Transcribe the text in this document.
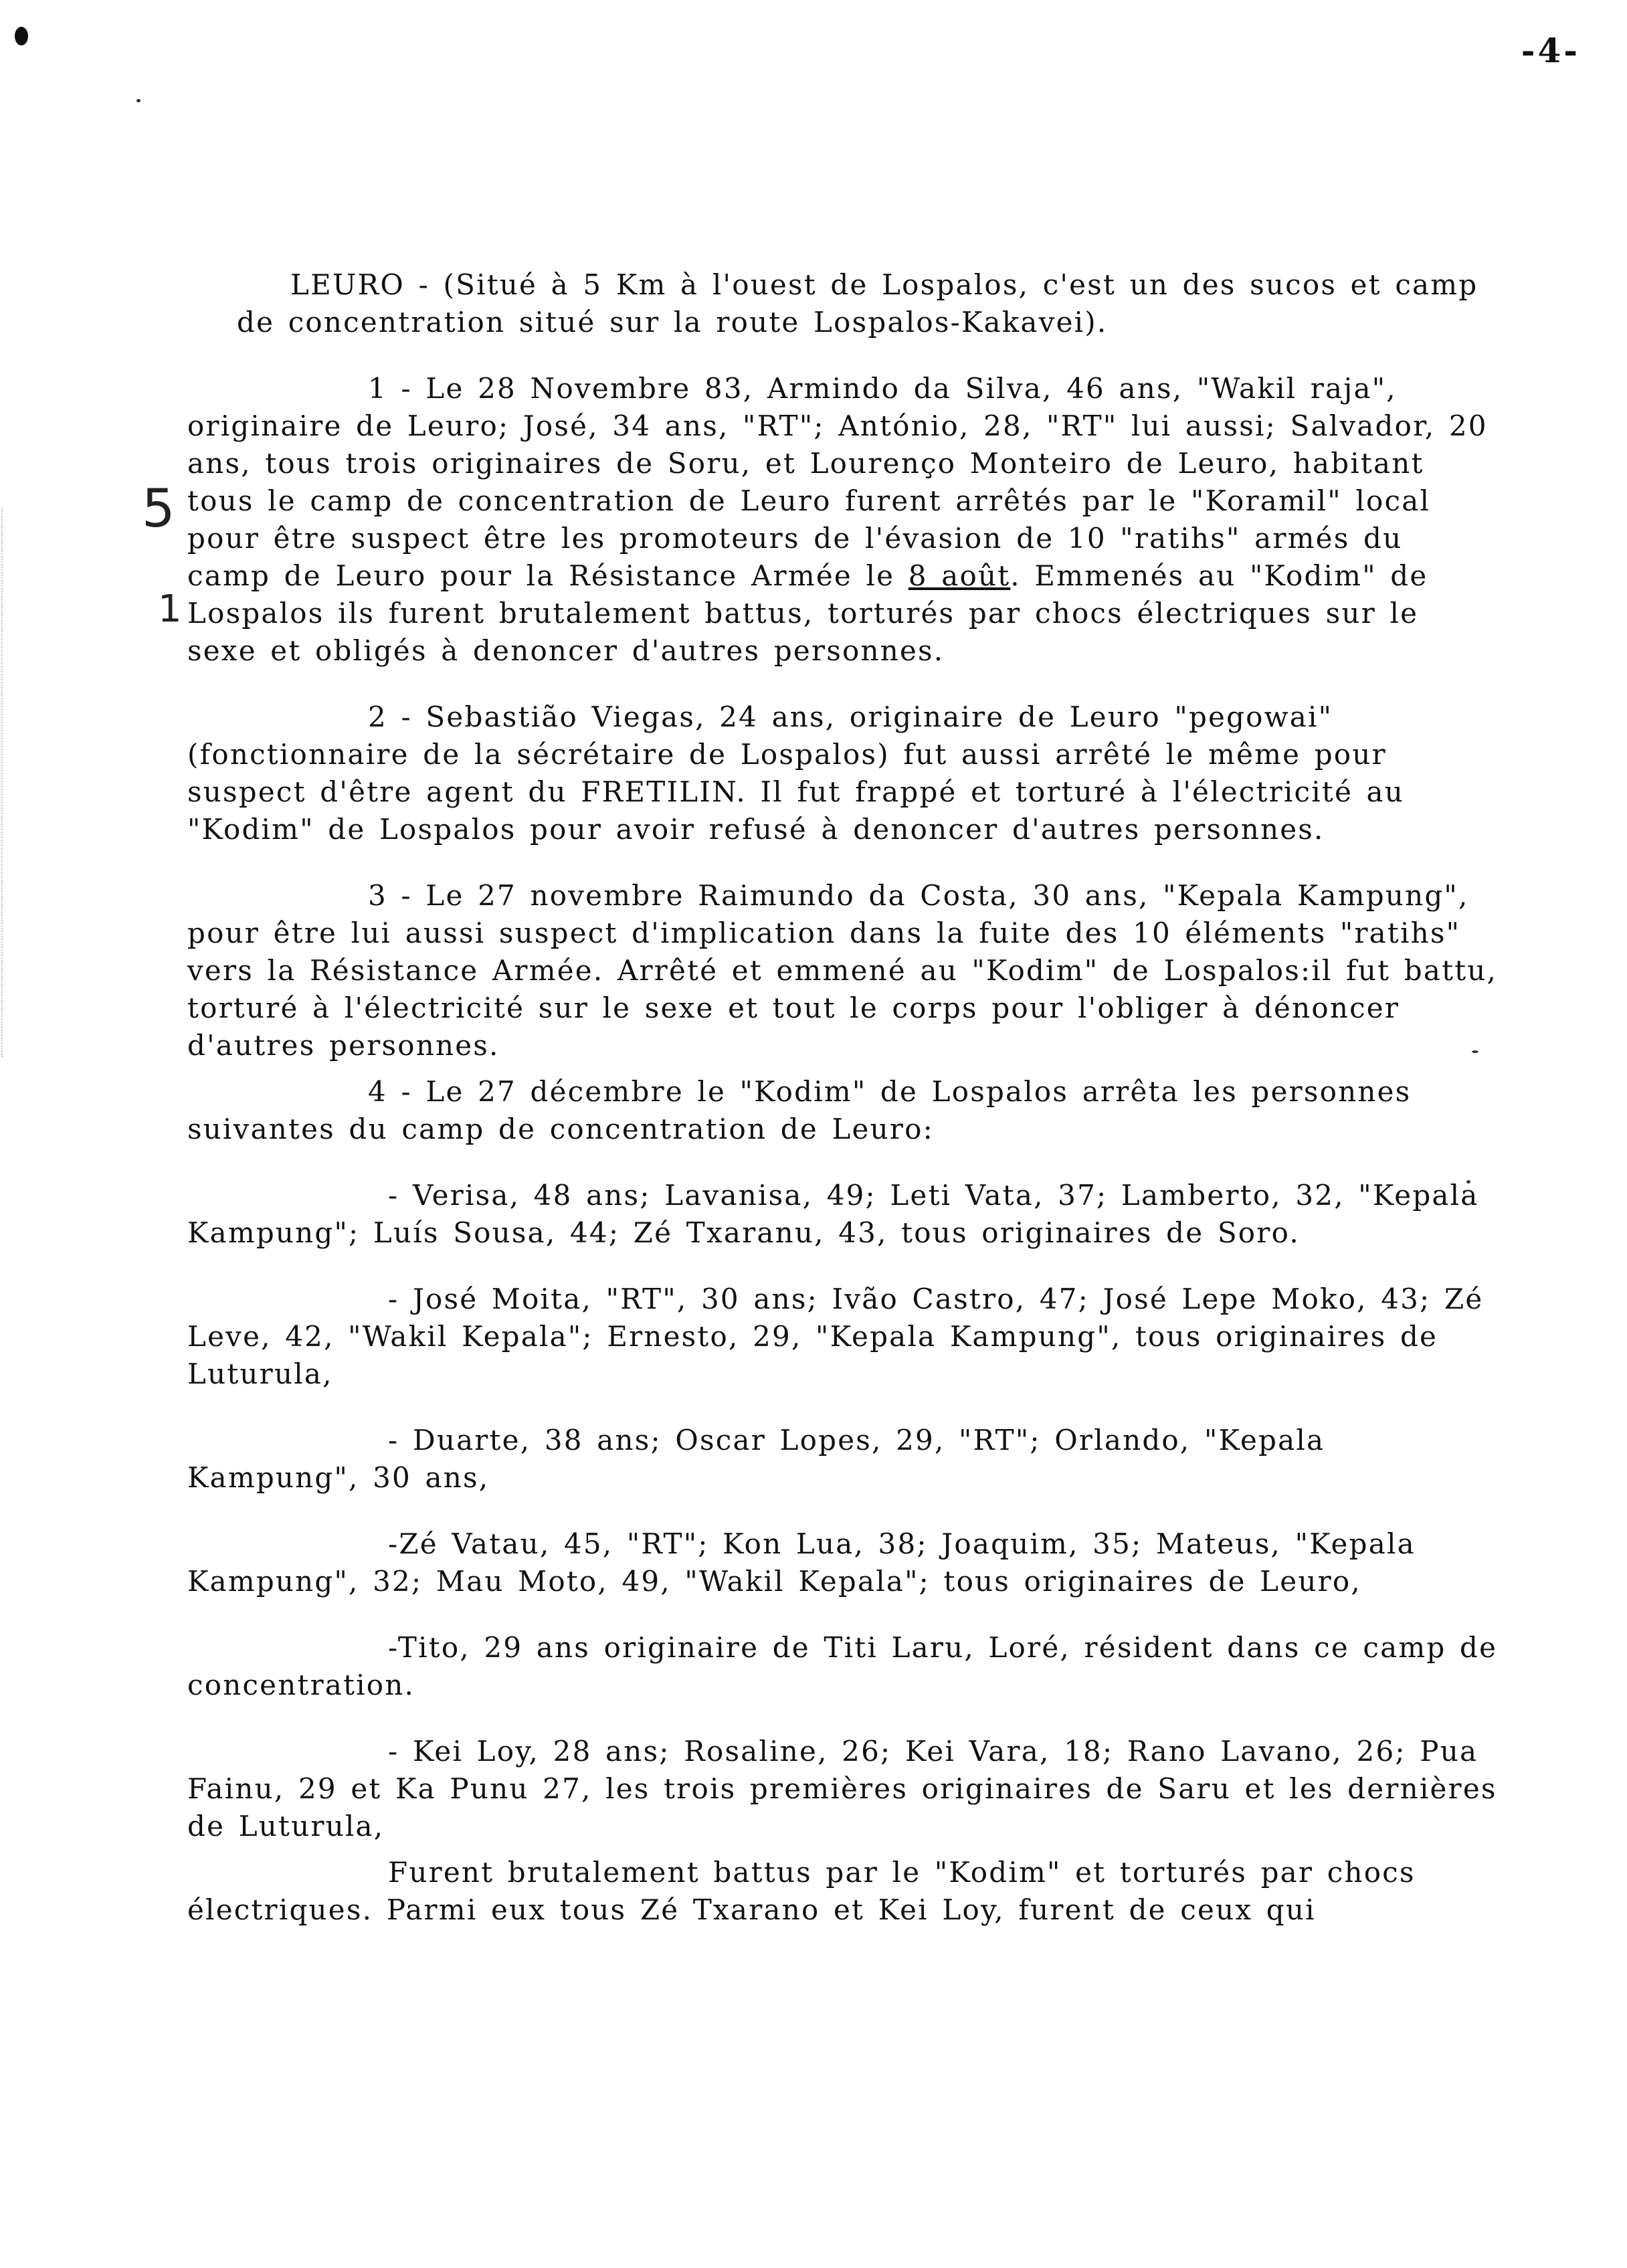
-4-
5
1

LEURO - (Situé à 5 Km à l'ouest de Lospalos, c'est un des sucos et camp de concentration situé sur la route Lospalos-Kakavei).

1 - Le 28 Novembre 83, Armindo da Silva, 46 ans, "Wakil raja", originaire de Leuro; José, 34 ans, "RT"; António, 28, "RT" lui aussi; Salvador, 20 ans, tous trois originaires de Soru, et Lourenço Monteiro de Leuro, habitant tous le camp de concentration de Leuro furent arrêtés par le "Koramil" local pour être suspect être les promoteurs de l'évasion de 10 "ratihs" armés du camp de Leuro pour la Résistance Armée le 8 août. Emmenés au "Kodim" de Lospalos ils furent brutalement battus, torturés par chocs électriques sur le sexe et obligés à denoncer d'autres personnes.

2 - Sebastião Viegas, 24 ans, originaire de Leuro "pegowai" (fonctionnaire de la sécrétaire de Lospalos) fut aussi arrêté le même pour suspect d'être agent du FRETILIN. Il fut frappé et torturé à l'électricité au "Kodim" de Lospalos pour avoir refusé à denoncer d'autres personnes.

3 - Le 27 novembre Raimundo da Costa, 30 ans, "Kepala Kampung", pour être lui aussi suspect d'implication dans la fuite des 10 éléments "ratihs" vers la Résistance Armée. Arrêté et emmené au "Kodim" de Lospalos:il fut battu, torturé à l'électricité sur le sexe et tout le corps pour l'obliger à dénoncer d'autres personnes.

4 - Le 27 décembre le "Kodim" de Lospalos arrêta les personnes suivantes du camp de concentration de Leuro:

- Verisa, 48 ans; Lavanisa, 49; Leti Vata, 37; Lamberto, 32, "Kepala Kampung"; Luís Sousa, 44; Zé Txaranu, 43, tous originaires de Soro.

- José Moita, "RT", 30 ans; Ivão Castro, 47; José Lepe Moko, 43; Zé Leve, 42, "Wakil Kepala"; Ernesto, 29, "Kepala Kampung", tous originaires de Luturula,

- Duarte, 38 ans; Oscar Lopes, 29, "RT"; Orlando, "Kepala Kampung", 30 ans,

-Zé Vatau, 45, "RT"; Kon Lua, 38; Joaquim, 35; Mateus, "Kepala Kampung", 32; Mau Moto, 49, "Wakil Kepala"; tous originaires de Leuro,

-Tito, 29 ans originaire de Titi Laru, Loré, résident dans ce camp de concentration.

- Kei Loy, 28 ans; Rosaline, 26; Kei Vara, 18; Rano Lavano, 26; Pua Fainu, 29 et Ka Punu 27, les trois premières originaires de Saru et les dernières de Luturula,

Furent brutalement battus par le "Kodim" et torturés par chocs électriques. Parmi eux tous Zé Txarano et Kei Loy, furent de ceux qui
